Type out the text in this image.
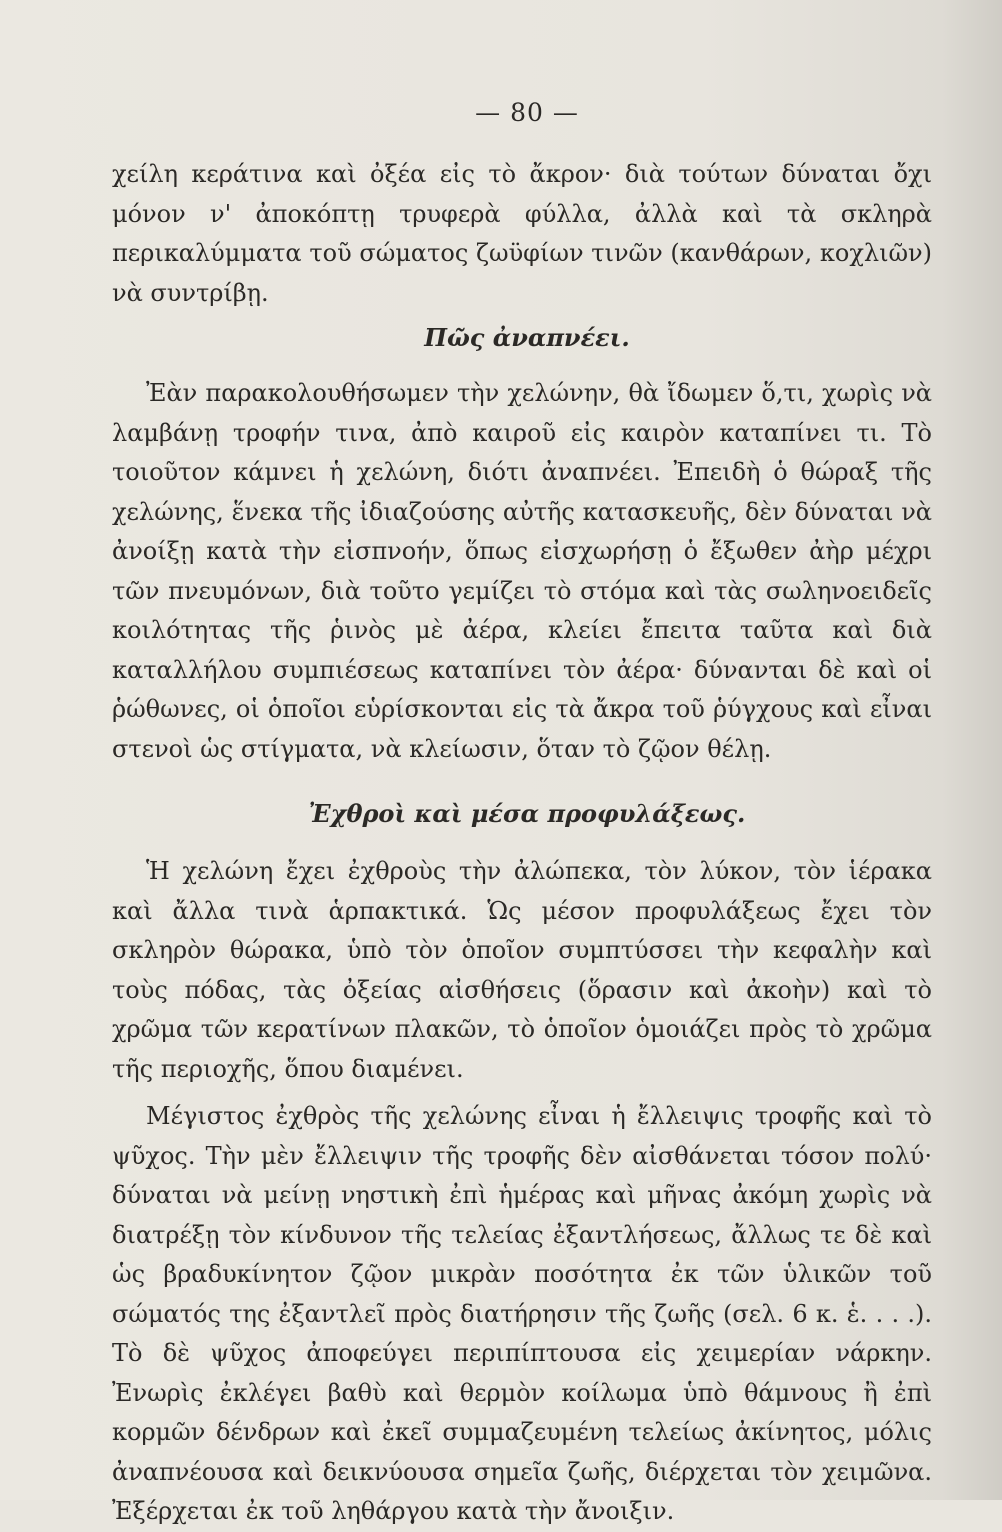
— 80 —

χείλη κεράτινα καὶ ὀξέα εἰς τὸ ἄκρον· διὰ τούτων δύναται ὄχι μόνον ν' ἀποκόπτῃ τρυφερὰ φύλλα, ἀλλὰ καὶ τὰ σκληρὰ περικαλύμματα τοῦ σώματος ζωϋφίων τινῶν (κανθάρων, κοχλιῶν) νὰ συντρίβῃ.

Πῶς ἀναπνέει.

Ἐὰν παρακολουθήσωμεν τὴν χελώνην, θὰ ἴδωμεν ὅ,τι, χωρὶς νὰ λαμβάνῃ τροφήν τινα, ἀπὸ καιροῦ εἰς καιρὸν καταπίνει τι. Τὸ τοιοῦτον κάμνει ἡ χελώνη, διότι ἀναπνέει. Ἐπειδὴ ὁ θώραξ τῆς χελώνης, ἕνεκα τῆς ἰδιαζούσης αὐτῆς κατασκευῆς, δὲν δύναται νὰ ἀνοίξῃ κατὰ τὴν εἰσπνοήν, ὅπως εἰσχωρήσῃ ὁ ἔξωθεν ἀὴρ μέχρι τῶν πνευμόνων, διὰ τοῦτο γεμίζει τὸ στόμα καὶ τὰς σωληνοειδεῖς κοιλότητας τῆς ῥινὸς μὲ ἀέρα, κλείει ἔπειτα ταῦτα καὶ διὰ καταλλήλου συμπιέσεως καταπίνει τὸν ἀέρα· δύνανται δὲ καὶ οἱ ῥώθωνες, οἱ ὁποῖοι εὑρίσκονται εἰς τὰ ἄκρα τοῦ ῥύγχους καὶ εἶναι στενοὶ ὡς στίγματα, νὰ κλείωσιν, ὅταν τὸ ζῷον θέλῃ.

Ἐχθροὶ καὶ μέσα προφυλάξεως.

Ἡ χελώνη ἔχει ἐχθροὺς τὴν ἀλώπεκα, τὸν λύκον, τὸν ἱέρακα καὶ ἄλλα τινὰ ἁρπακτικά. Ὡς μέσον προφυλάξεως ἔχει τὸν σκληρὸν θώρακα, ὑπὸ τὸν ὁποῖον συμπτύσσει τὴν κεφαλὴν καὶ τοὺς πόδας, τὰς ὀξείας αἰσθήσεις (ὅρασιν καὶ ἀκοὴν) καὶ τὸ χρῶμα τῶν κερατίνων πλακῶν, τὸ ὁποῖον ὁμοιάζει πρὸς τὸ χρῶμα τῆς περιοχῆς, ὅπου διαμένει.

Μέγιστος ἐχθρὸς τῆς χελώνης εἶναι ἡ ἔλλειψις τροφῆς καὶ τὸ ψῦχος. Τὴν μὲν ἔλλειψιν τῆς τροφῆς δὲν αἰσθάνεται τόσον πολύ· δύναται νὰ μείνῃ νηστικὴ ἐπὶ ἡμέρας καὶ μῆνας ἀκόμη χωρὶς νὰ διατρέξῃ τὸν κίνδυνον τῆς τελείας ἐξαντλήσεως, ἄλλως τε δὲ καὶ ὡς βραδυκίνητον ζῷον μικρὰν ποσότητα ἐκ τῶν ὑλικῶν τοῦ σώματός της ἐξαντλεῖ πρὸς διατήρησιν τῆς ζωῆς (σελ. 6 κ. ἑ. . . .). Τὸ δὲ ψῦχος ἀποφεύγει περιπίπτουσα εἰς χειμερίαν νάρκην. Ἐνωρὶς ἐκλέγει βαθὺ καὶ θερμὸν κοίλωμα ὑπὸ θάμνους ἢ ἐπὶ κορμῶν δένδρων καὶ ἐκεῖ συμμαζευμένη τελείως ἀκίνητος, μόλις ἀναπνέουσα καὶ δεικνύουσα σημεῖα ζωῆς, διέρχεται τὸν χειμῶνα. Ἐξέρχεται ἐκ τοῦ ληθάργου κατὰ τὴν ἄνοιξιν.
